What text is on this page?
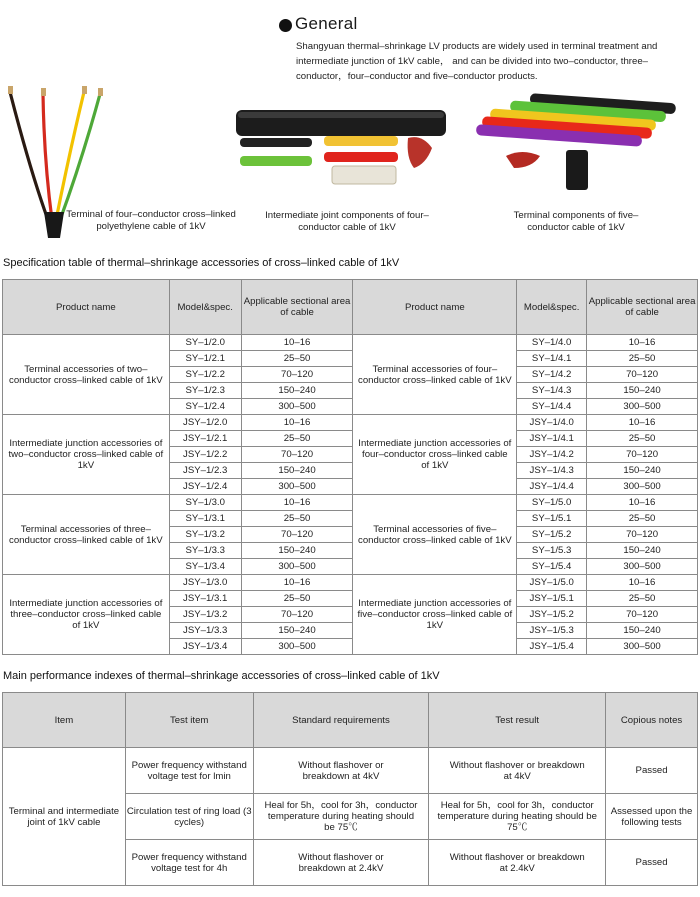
General
Shangyuan thermal–shrinkage LV products are widely used in terminal treatment and intermediate junction of 1kV cable， and can be divided into two–conductor, three–conductor，four–conductor and five–conductor products.
Terminal of four–conductor cross–linked polyethylene cable of 1kV
Intermediate joint components of four–conductor cable of 1kV
Terminal components of five–conductor cable of 1kV
Specification table of thermal–shrinkage accessories of cross–linked cable of 1kV
Product name	Model&spec.	Applicable sectional area of cable	Product name	Model&spec.	Applicable sectional area of cable
Terminal accessories of two–conductor cross–linked cable of 1kV	SY–1/2.0	10–16	Terminal accessories of four–conductor cross–linked cable of 1kV	SY–1/4.0	10–16
	SY–1/2.1	25–50		SY–1/4.1	25–50
	SY–1/2.2	70–120		SY–1/4.2	70–120
	SY–1/2.3	150–240		SY–1/4.3	150–240
	SY–1/2.4	300–500		SY–1/4.4	300–500
Intermediate junction accessories of two–conductor cross–linked cable of 1kV	JSY–1/2.0	10–16	Intermediate junction accessories of four–conductor cross–linked cable of 1kV	JSY–1/4.0	10–16
	JSY–1/2.1	25–50		JSY–1/4.1	25–50
	JSY–1/2.2	70–120		JSY–1/4.2	70–120
	JSY–1/2.3	150–240		JSY–1/4.3	150–240
	JSY–1/2.4	300–500		JSY–1/4.4	300–500
Terminal accessories of three–conductor cross–linked cable of 1kV	SY–1/3.0	10–16	Terminal accessories of five–conductor cross–linked cable of 1kV	SY–1/5.0	10–16
	SY–1/3.1	25–50		SY–1/5.1	25–50
	SY–1/3.2	70–120		SY–1/5.2	70–120
	SY–1/3.3	150–240		SY–1/5.3	150–240
	SY–1/3.4	300–500		SY–1/5.4	300–500
Intermediate junction accessories of three–conductor cross–linked cable of 1kV	JSY–1/3.0	10–16	Intermediate junction accessories of five–conductor cross–linked cable of 1kV	JSY–1/5.0	10–16
	JSY–1/3.1	25–50		JSY–1/5.1	25–50
	JSY–1/3.2	70–120		JSY–1/5.2	70–120
	JSY–1/3.3	150–240		JSY–1/5.3	150–240
	JSY–1/3.4	300–500		JSY–1/5.4	300–500
Main performance indexes of thermal–shrinkage accessories of cross–linked cable of 1kV
Item	Test item	Standard requirements	Test result	Copious notes
Terminal and intermediate joint of 1kV cable	Power frequency withstand voltage test for lmin	Without flashover or breakdown at 4kV	Without flashover or breakdown at 4kV	Passed
	Circulation test of ring load (3 cycles)	Heal for 5h，cool for 3h，conductor temperature during heating should be 75℃	Heal for 5h，cool for 3h，conductor temperature during heating should be 75℃	Assessed upon the following tests
	Power frequency withstand voltage test for 4h	Without flashover or breakdown at 2.4kV	Without flashover or breakdown at 2.4kV	Passed
